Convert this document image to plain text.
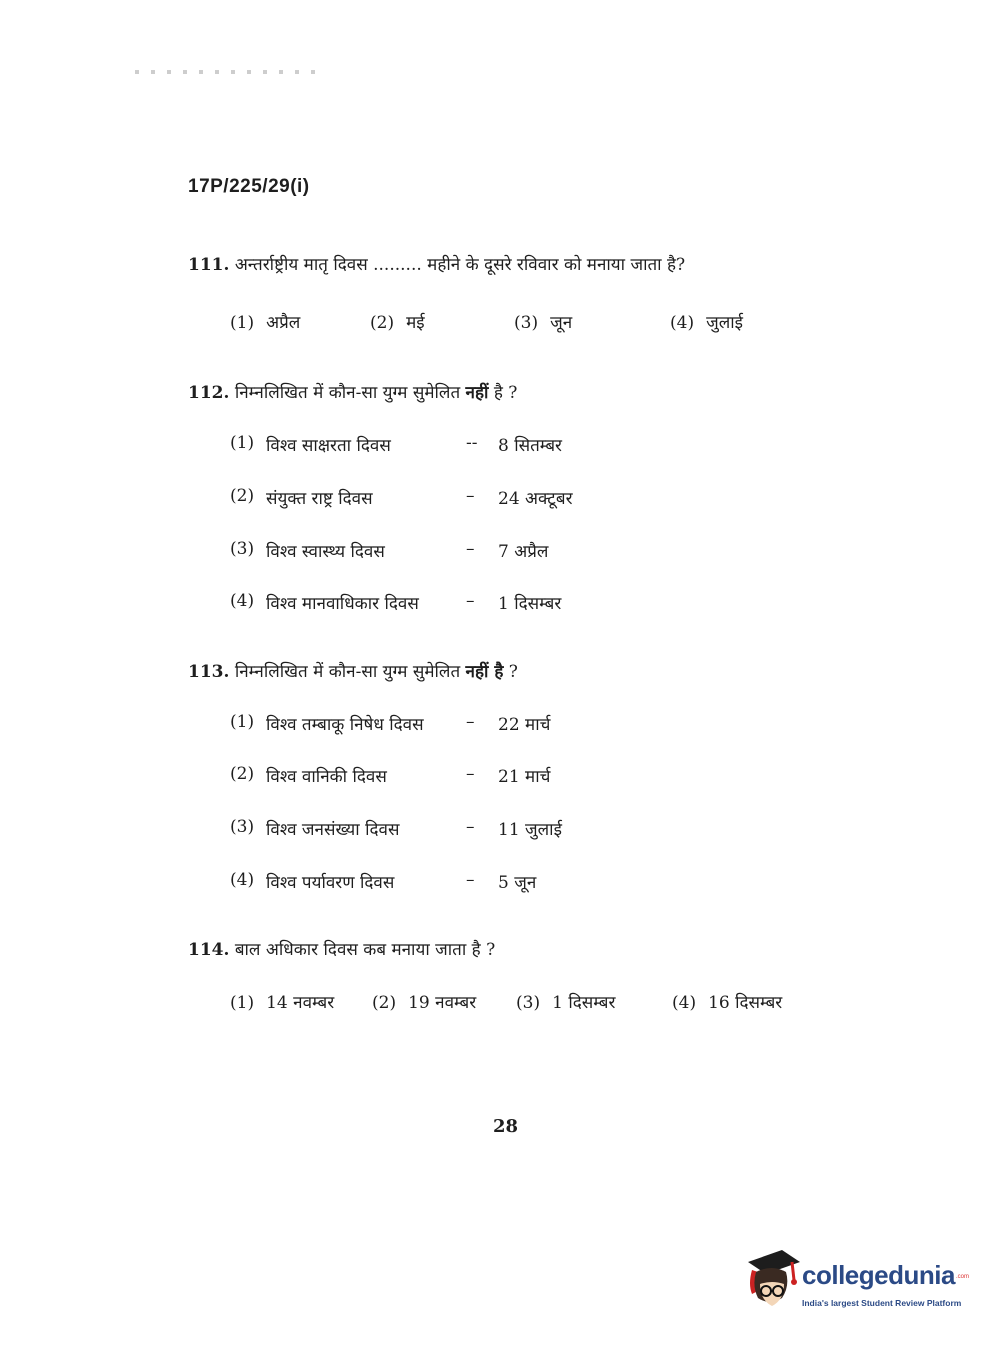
17P/225/29(i)
111. अन्तर्राष्ट्रीय मातृ दिवस ......... महीने के दूसरे रविवार को मनाया जाता है?
(1) अप्रैल	(2) मई	(3) जून	(4) जुलाई
112. निम्नलिखित में कौन-सा युग्म सुमेलित नहीं है ?
(1) विश्व साक्षरता दिवस	-- 8 सितम्बर
(2) संयुक्त राष्ट्र दिवस	– 24 अक्टूबर
(3) विश्व स्वास्थ्य दिवस	– 7 अप्रैल
(4) विश्व मानवाधिकार दिवस	– 1 दिसम्बर
113. निम्नलिखित में कौन-सा युग्म सुमेलित नहीं है ?
(1) विश्व तम्बाकू निषेध दिवस – 22 मार्च
(2) विश्व वानिकी दिवस	– 21 मार्च
(3) विश्व जनसंख्या दिवस	– 11 जुलाई
(4) विश्व पर्यावरण दिवस	– 5 जून
114. बाल अधिकार दिवस कब मनाया जाता है ?
(1) 14 नवम्बर (2) 19 नवम्बर (3) 1 दिसम्बर	(4) 16 दिसम्बर
28
collegedunia .com
India's largest Student Review Platform
